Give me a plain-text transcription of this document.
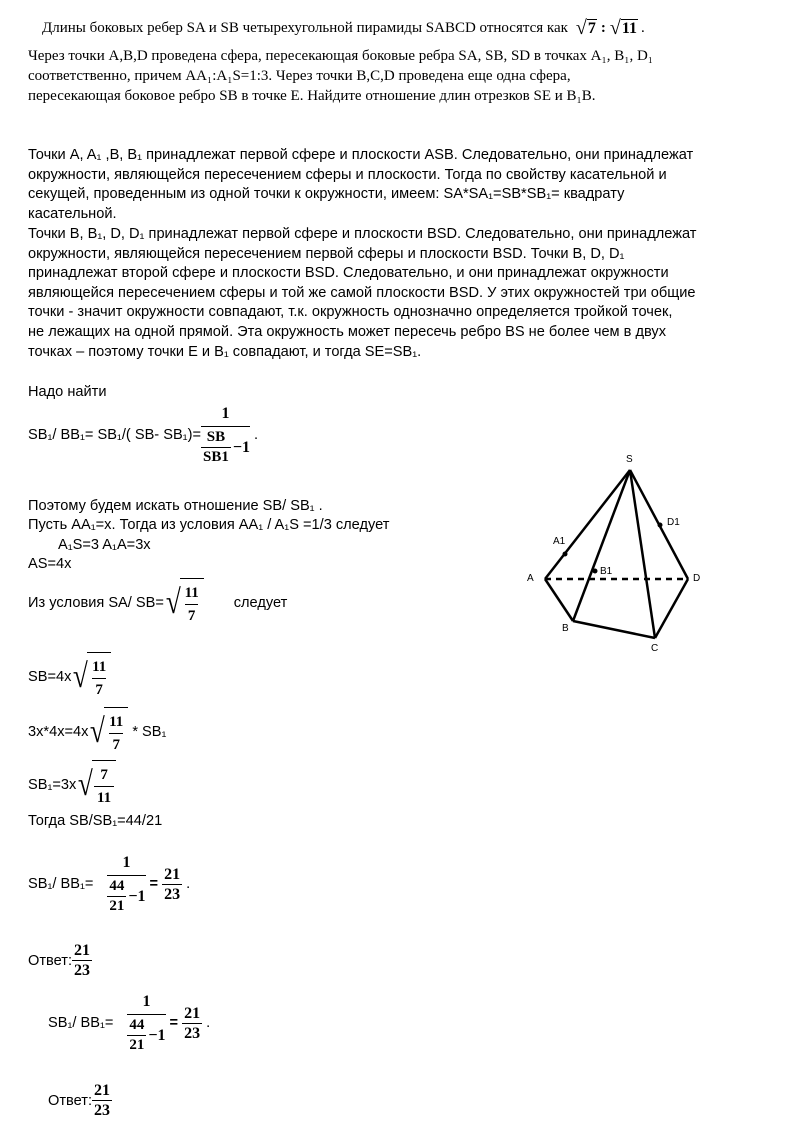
Длины боковых ребер SA и SB четырехугольной пирамиды SABCD относятся как √ 7 : √ 11 .
Через точки A,B,D проведена сфера, пересекающая боковые ребра SA, SB, SD в точках A₁, B₁, D₁
соответственно, причем AA₁:A₁S=1:3. Через точки B,C,D проведена еще одна сфера,
пересекающая боковое ребро SB в точке E. Найдите отношение длин отрезков SE и B₁B.

Точки A, A₁ ,B, B₁ принадлежат первой сфере и плоскости ASB. Следовательно, они принадлежат

окружности, являющейся пересечением сферы и плоскости. Тогда по свойству касательной и

секущей, проведенным из одной точки к окружности, имеем: SA*SA₁=SB*SB₁= квадрату

касательной.

Точки B, B₁, D, D₁ принадлежат первой сфере и плоскости BSD. Следовательно, они принадлежат

окружности, являющейся пересечением первой сферы и плоскости BSD. Точки B, D, D₁

принадлежат второй сфере и плоскости BSD. Следовательно, и они принадлежат окружности

являющейся пересечением сферы и той же самой плоскости BSD. У этих окружностей три общие

точки - значит окружности совпадают, т.к. окружность однозначно определяется тройкой точек,

не лежащих на одной прямой. Эта окружность может пересечь ребро BS не более чем в двух

точках – поэтому точки E и B₁ совпадают, и тогда SE=SB₁.

Надо найти
SB₁/ BB₁= SB₁/( SB- $SB_1)= \frac{1}{\frac{SB}{SB1} -1}$ .
Поэтому будем искать отношение SB/ SB₁ .
Пусть AA₁=x. Тогда из условия AA₁ / A₁S =1/3 следует
A₁S=3 A₁A=3x
AS=4x
Из условия SA/ SB= √ $\frac{11}{7}$ следует
SB=4x √ $\frac{11}{7}$
3x*4x=4x √ $\frac{11}{7} * SB_1$
SB₁=3x √ $\frac{7}{11}$
Тогда SB/SB₁=44/21
SB₁/ $BB_1= \frac{1}{\frac{44}{21} -1} = \frac{21}{23}$ .
Ответ: $\frac{21}{23}$
SB₁/ $BB_1= \frac{1}{\frac{44}{21} -1} = \frac{21}{23}$ .
Ответ: $\frac{21}{23}$
S
A1
D1
B1
A	D
B
C
